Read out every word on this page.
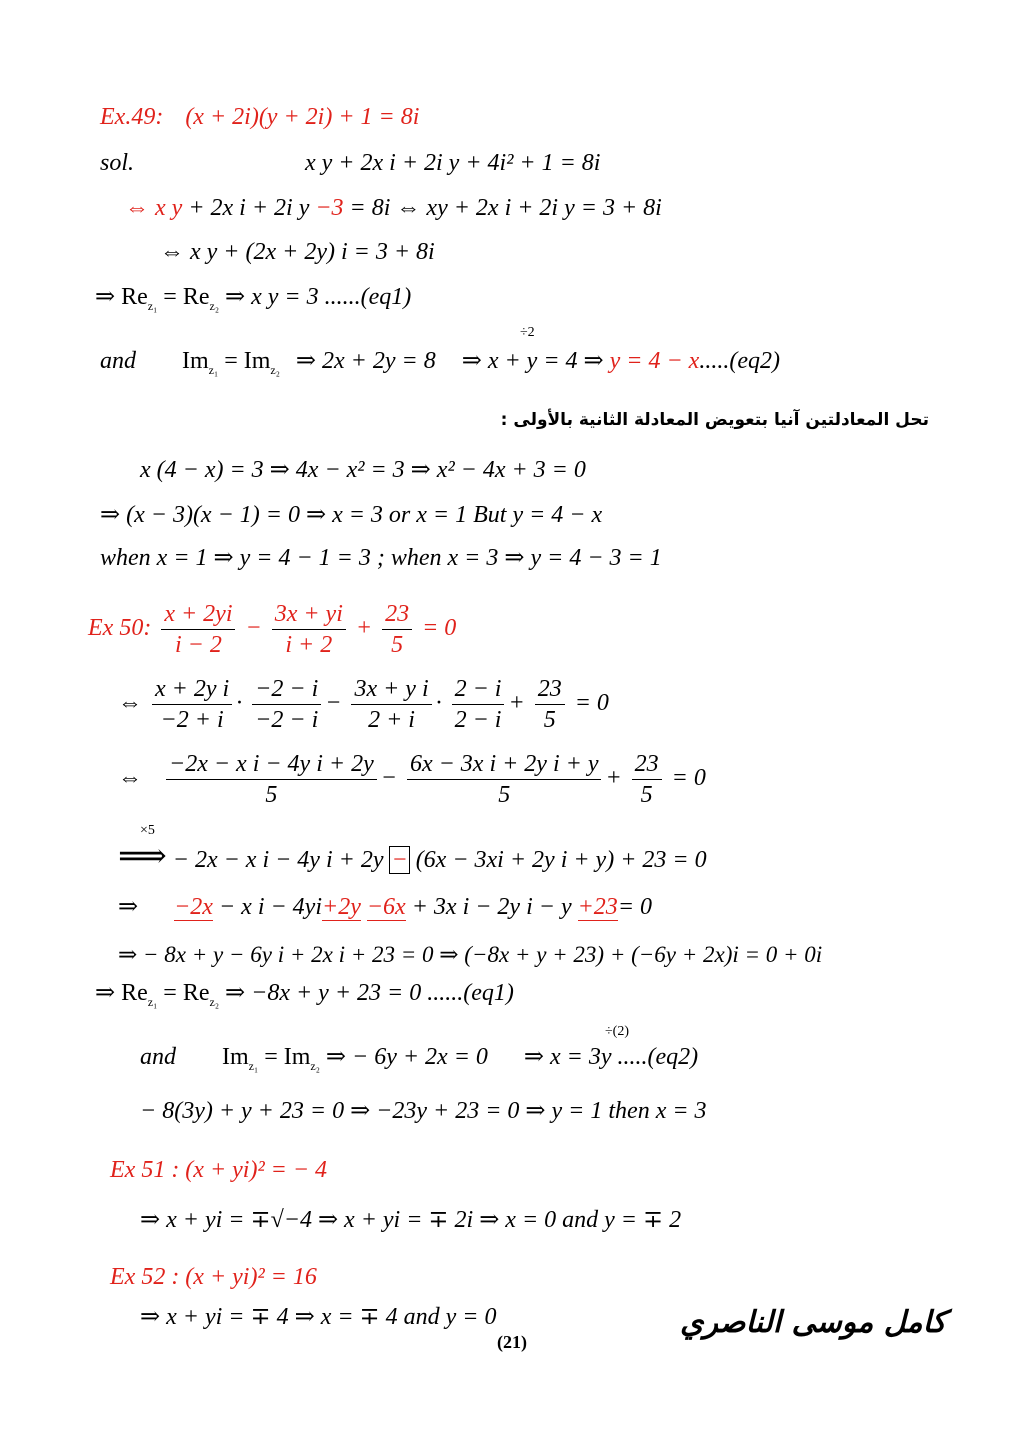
Ex.49: (x + 2i)(y + 2i) + 1 = 8i
sol.	x y + 2x i + 2i y + 4i² + 1 = 8i
⇔ x y + 2x i + 2i y −3 = 8i ⇔ xy + 2x i + 2i y = 3 + 8i
⇔ x y + (2x + 2y) i = 3 + 8i
⇒ $Re_{z_1} = Re_{z_2}$ ⇒ x y = 3 ......(eq1)
÷2
and $Im_{z_1} = Im_{z_2}$ ⇒ 2x + 2y = 8 ⇒ x + y = 4 ⇒ y = 4 − x.....(eq2)
تحل المعادلتين آنيا بتعويض المعادلة الثانية بالأولى :
x (4 − x) = 3 ⇒ 4x − x² = 3 ⇒ x² − 4x + 3 = 0
⇒ (x − 3)(x − 1) = 0 ⇒ x = 3 or x = 1 But y = 4 − x
when x = 1 ⇒ y = 4 − 1 = 3 ; when x = 3 ⇒ y = 4 − 3 = 1
Ex 50: $\frac{x + 2yi}{i - 2} - \frac{3x + yi}{i + 2} + \frac{23}{5} = 0$
⇔ $\frac{\text{x + 2y i}}{-2 + i} \cdot \frac{-2 - i}{-2 - i} - \frac{\text{3x + y i}}{2 + i} \cdot \frac{2 - i}{2 - i} + \frac{23}{5} = 0$
⇔ $\frac{\text{−2x − x i − 4y i + 2y}}{5} - \frac{\text{6x − 3x i + 2y i + y}}{5} + \frac{23}{5} = 0$
×5
⟹ − 2x − x i − 4y i + 2y − (6x − 3xi + 2y i + y) + 23 = 0
⇒ −2x − x i − 4yi+2y −6x + 3x i − 2y i − y +23= 0
⇒ − 8x + y − 6y i + 2x i + 23 = 0 ⇒ (−8x + y + 23) + (−6y + 2x)i = 0 + 0i
⇒ $Re_{z_1} = Re_{z_2}$ ⇒ −8x + y + 23 = 0 ......(eq1)
÷(2)
and $Im_{z_1} = Im_{z_2}$ ⇒ − 6y + 2x = 0 ⇒ x = 3y .....(eq2)
− 8(3y) + y + 23 = 0 ⇒ −23y + 23 = 0 ⇒ y = 1 then x = 3
Ex 51 : (x + yi)² = − 4
⇒ x + yi = ∓√−4 ⇒ x + yi = ∓ 2i ⇒ x = 0 and y = ∓ 2
Ex 52 : (x + yi)² = 16
⇒ x + yi = ∓ 4 ⇒ x = ∓ 4 and y = 0
(21)
كامل موسى الناصري
